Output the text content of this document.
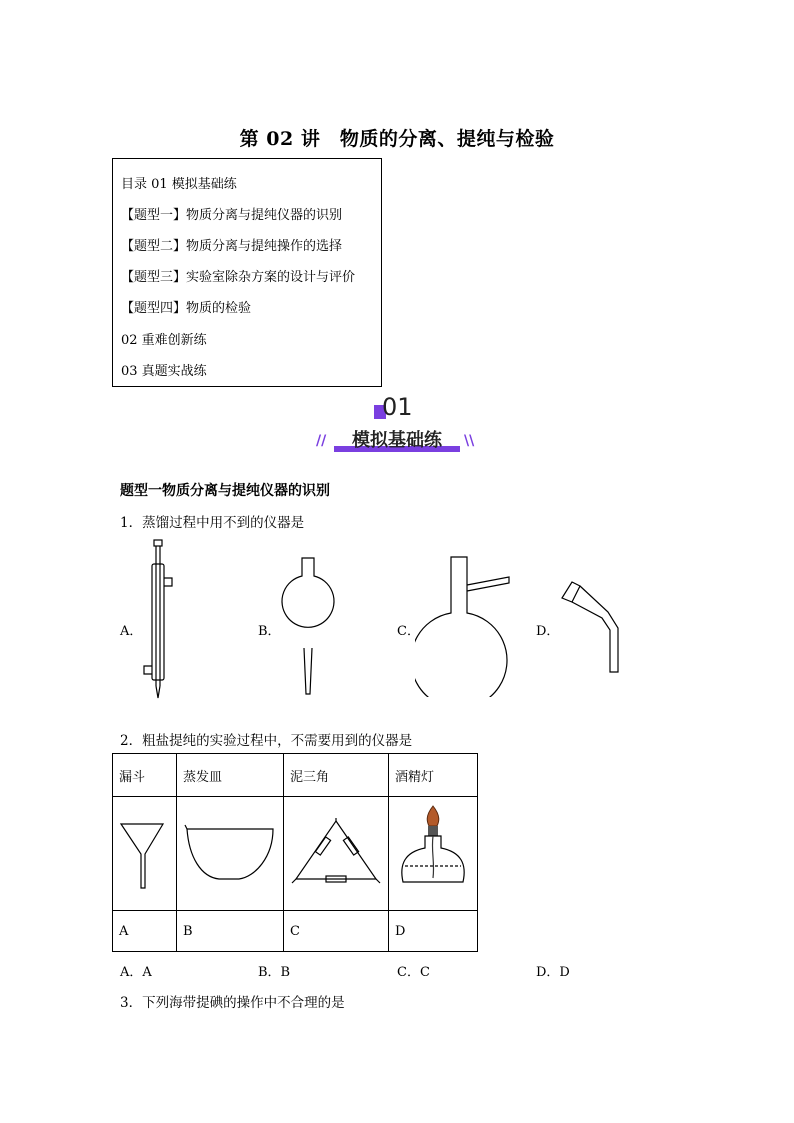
第 02 讲　物质的分离、提纯与检验
目录 01 模拟基础练
【题型一】物质分离与提纯仪器的识别
【题型二】物质分离与提纯操作的选择
【题型三】实验室除杂方案的设计与评价
【题型四】物质的检验
02 重难创新练
03 真题实战练
01
模拟基础练
//	\\
题型一物质分离与提纯仪器的识别
1．蒸馏过程中用不到的仪器是
A．	B．	C．	D．
2．粗盐提纯的实验过程中，不需要用到的仪器是
漏斗	蒸发皿	泥三角	酒精灯

A	B	C	D
A．A	B．B	C．C	D．D
3．下列海带提碘的操作中不合理的是
